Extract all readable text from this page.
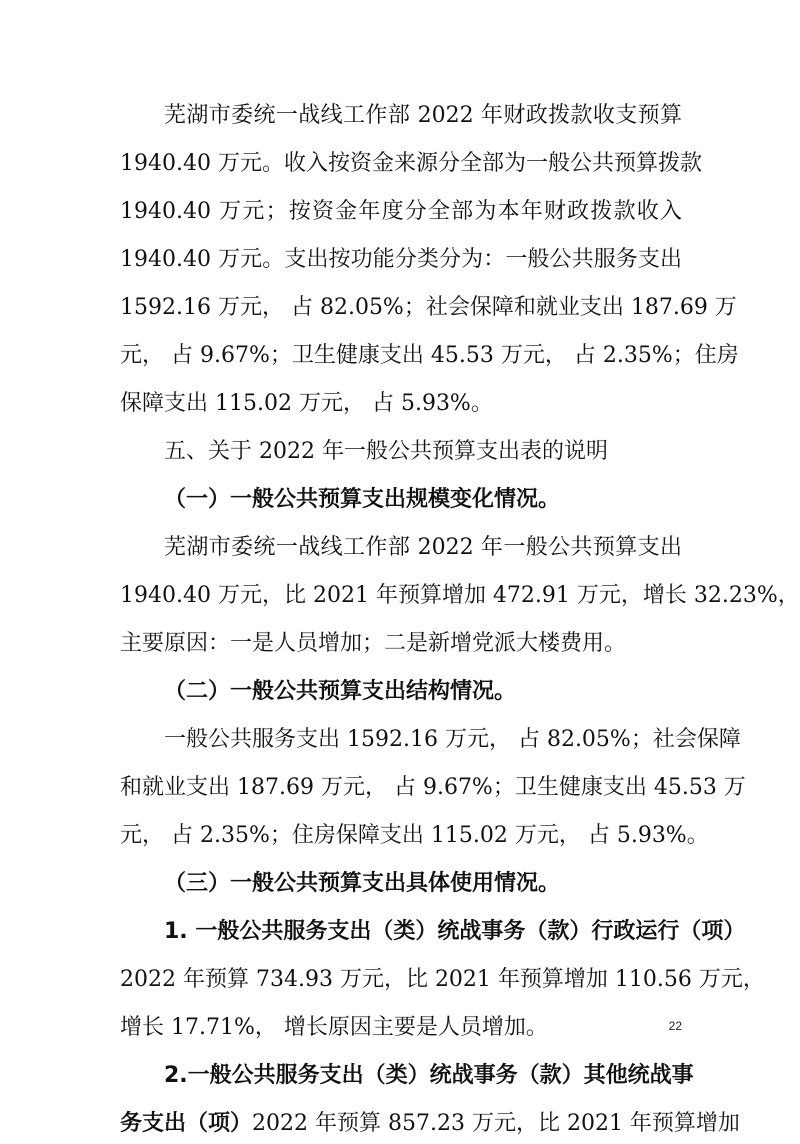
芜湖市委统一战线工作部 2022 年财政拨款收支预算
1940.40 万元。收入按资金来源分全部为一般公共预算拨款
1940.40 万元；按资金年度分全部为本年财政拨款收入
1940.40 万元。支出按功能分类分为：一般公共服务支出
1592.16 万元， 占 82.05%；社会保障和就业支出 187.69 万
元， 占 9.67%；卫生健康支出 45.53 万元， 占 2.35%；住房
保障支出 115.02 万元， 占 5.93%。
五、关于 2022 年一般公共预算支出表的说明
（一）一般公共预算支出规模变化情况。
芜湖市委统一战线工作部 2022 年一般公共预算支出
1940.40 万元，比 2021 年预算增加 472.91 万元，增长 32.23%，
主要原因：一是人员增加；二是新增党派大楼费用。
（二）一般公共预算支出结构情况。
一般公共服务支出 1592.16 万元， 占 82.05%；社会保障
和就业支出 187.69 万元， 占 9.67%；卫生健康支出 45.53 万
元， 占 2.35%；住房保障支出 115.02 万元， 占 5.93%。
（三）一般公共预算支出具体使用情况。
1. 一般公共服务支出（类）统战事务（款）行政运行（项）
2022 年预算 734.93 万元，比 2021 年预算增加 110.56 万元，
增长 17.71%， 增长原因主要是人员增加。
2.一般公共服务支出（类）统战事务（款）其他统战事
务支出（项）2022 年预算 857.23 万元，比 2021 年预算增加
22
